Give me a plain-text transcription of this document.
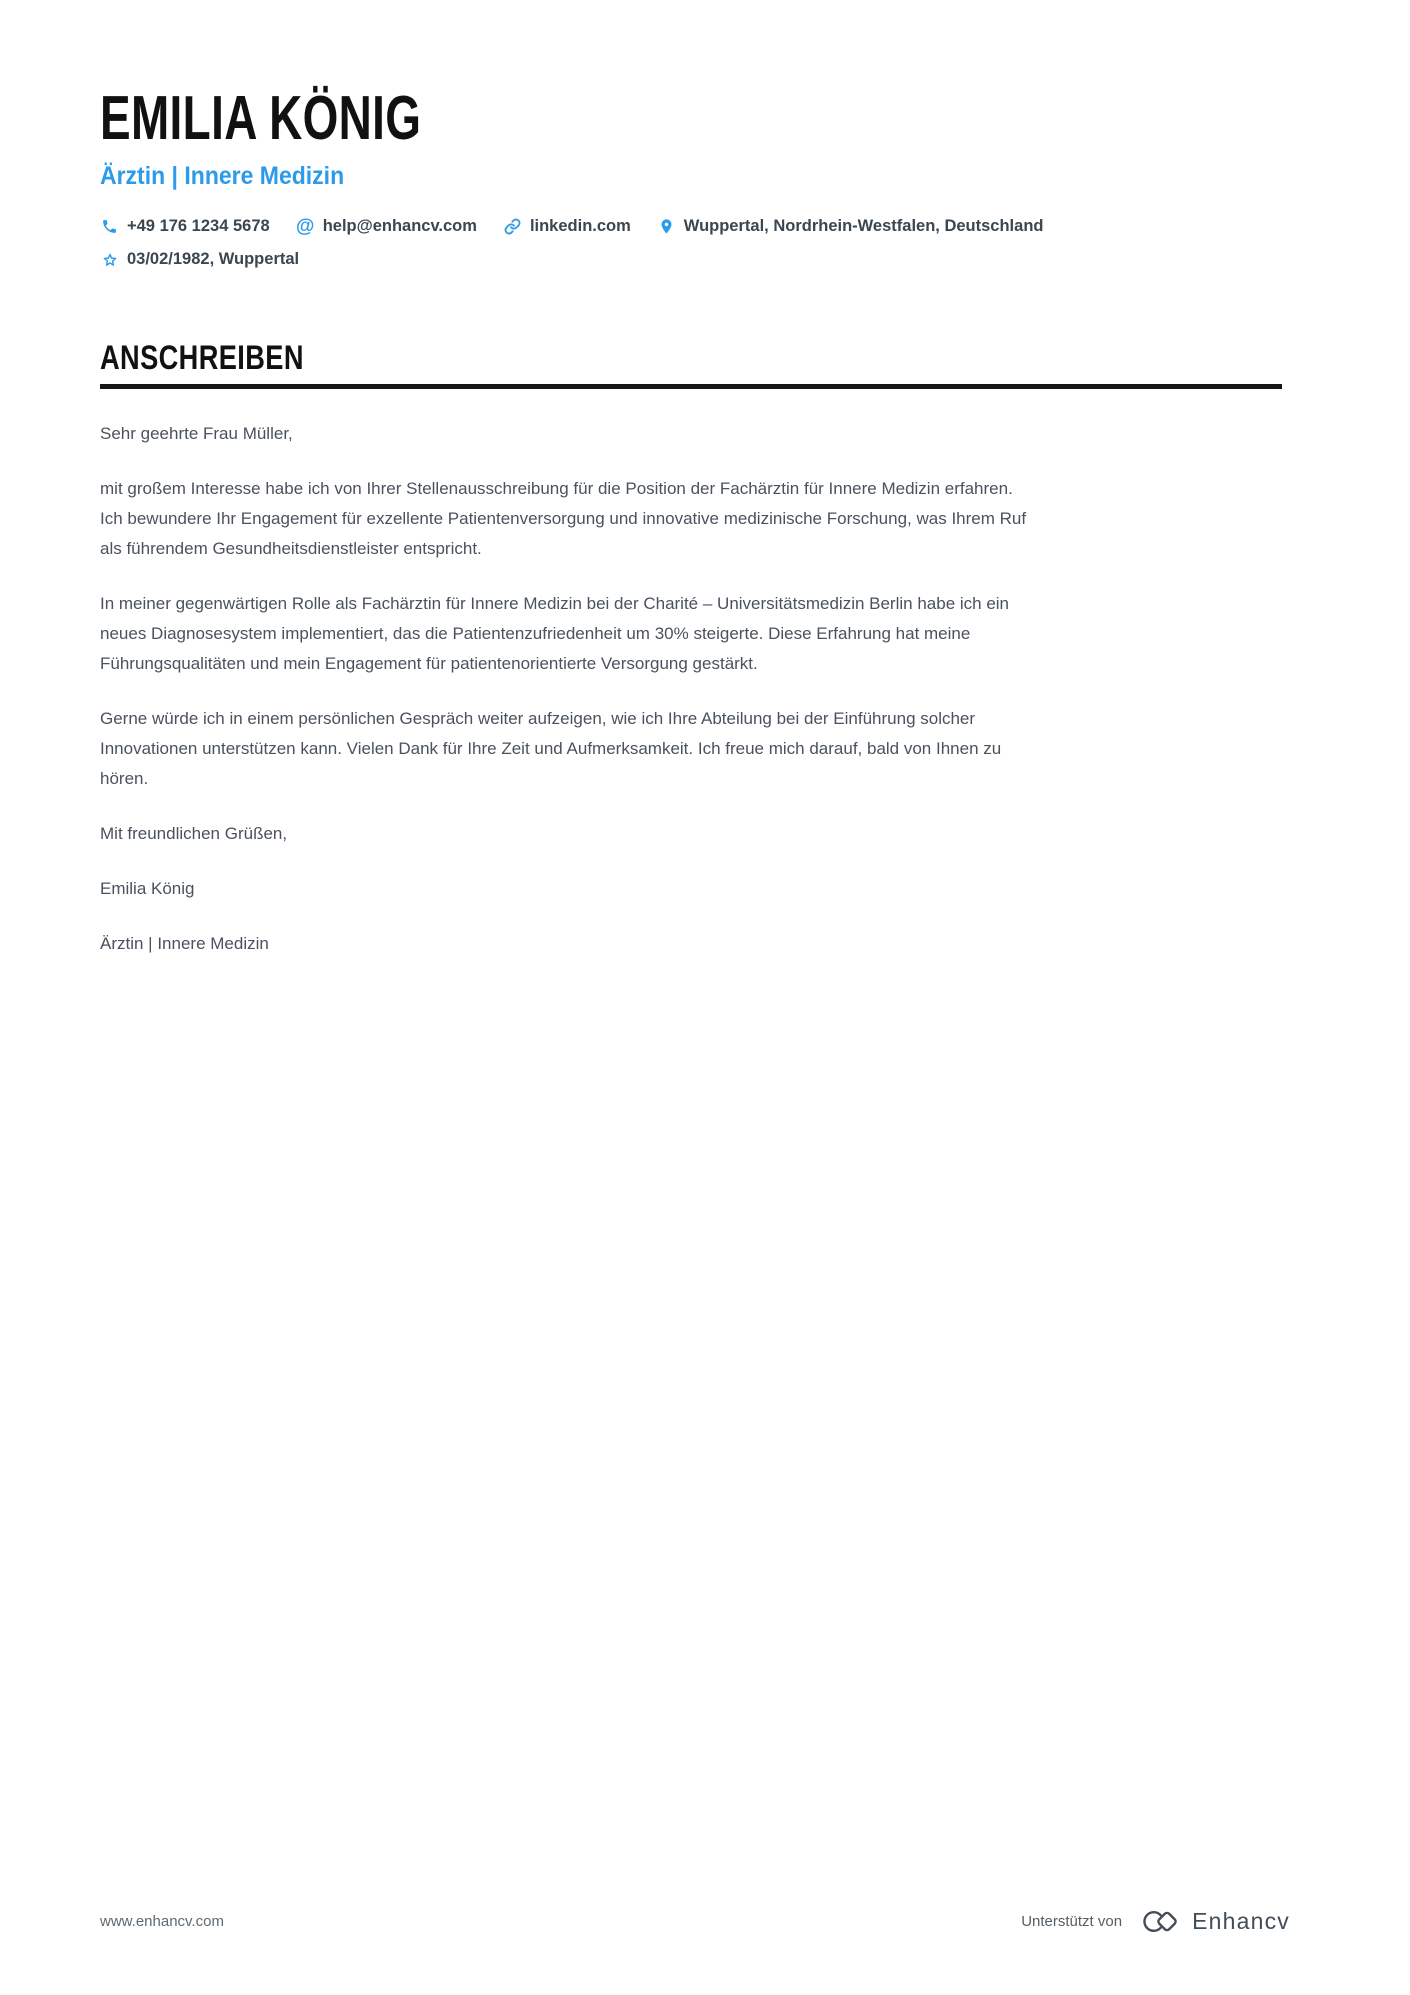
EMILIA KÖNIG
Ärztin | Innere Medizin
+49 176 1234 5678 @ help@enhancv.com	linkedin.com	Wuppertal, Nordrhein-Westfalen, Deutschland
03/02/1982, Wuppertal
ANSCHREIBEN

Sehr geehrte Frau Müller,

mit großem Interesse habe ich von Ihrer Stellenausschreibung für die Position der Fachärztin für Innere Medizin erfahren. Ich bewundere Ihr Engagement für exzellente Patientenversorgung und innovative medizinische Forschung, was Ihrem Ruf als führendem Gesundheitsdienstleister entspricht.

In meiner gegenwärtigen Rolle als Fachärztin für Innere Medizin bei der Charité – Universitätsmedizin Berlin habe ich ein neues Diagnosesystem implementiert, das die Patientenzufriedenheit um 30% steigerte. Diese Erfahrung hat meine Führungsqualitäten und mein Engagement für patientenorientierte Versorgung gestärkt.

Gerne würde ich in einem persönlichen Gespräch weiter aufzeigen, wie ich Ihre Abteilung bei der Einführung solcher Innovationen unterstützen kann. Vielen Dank für Ihre Zeit und Aufmerksamkeit. Ich freue mich darauf, bald von Ihnen zu hören.

Mit freundlichen Grüßen,

Emilia König

Ärztin | Innere Medizin

www.enhancv.com	Unterstützt von	Enhancv
